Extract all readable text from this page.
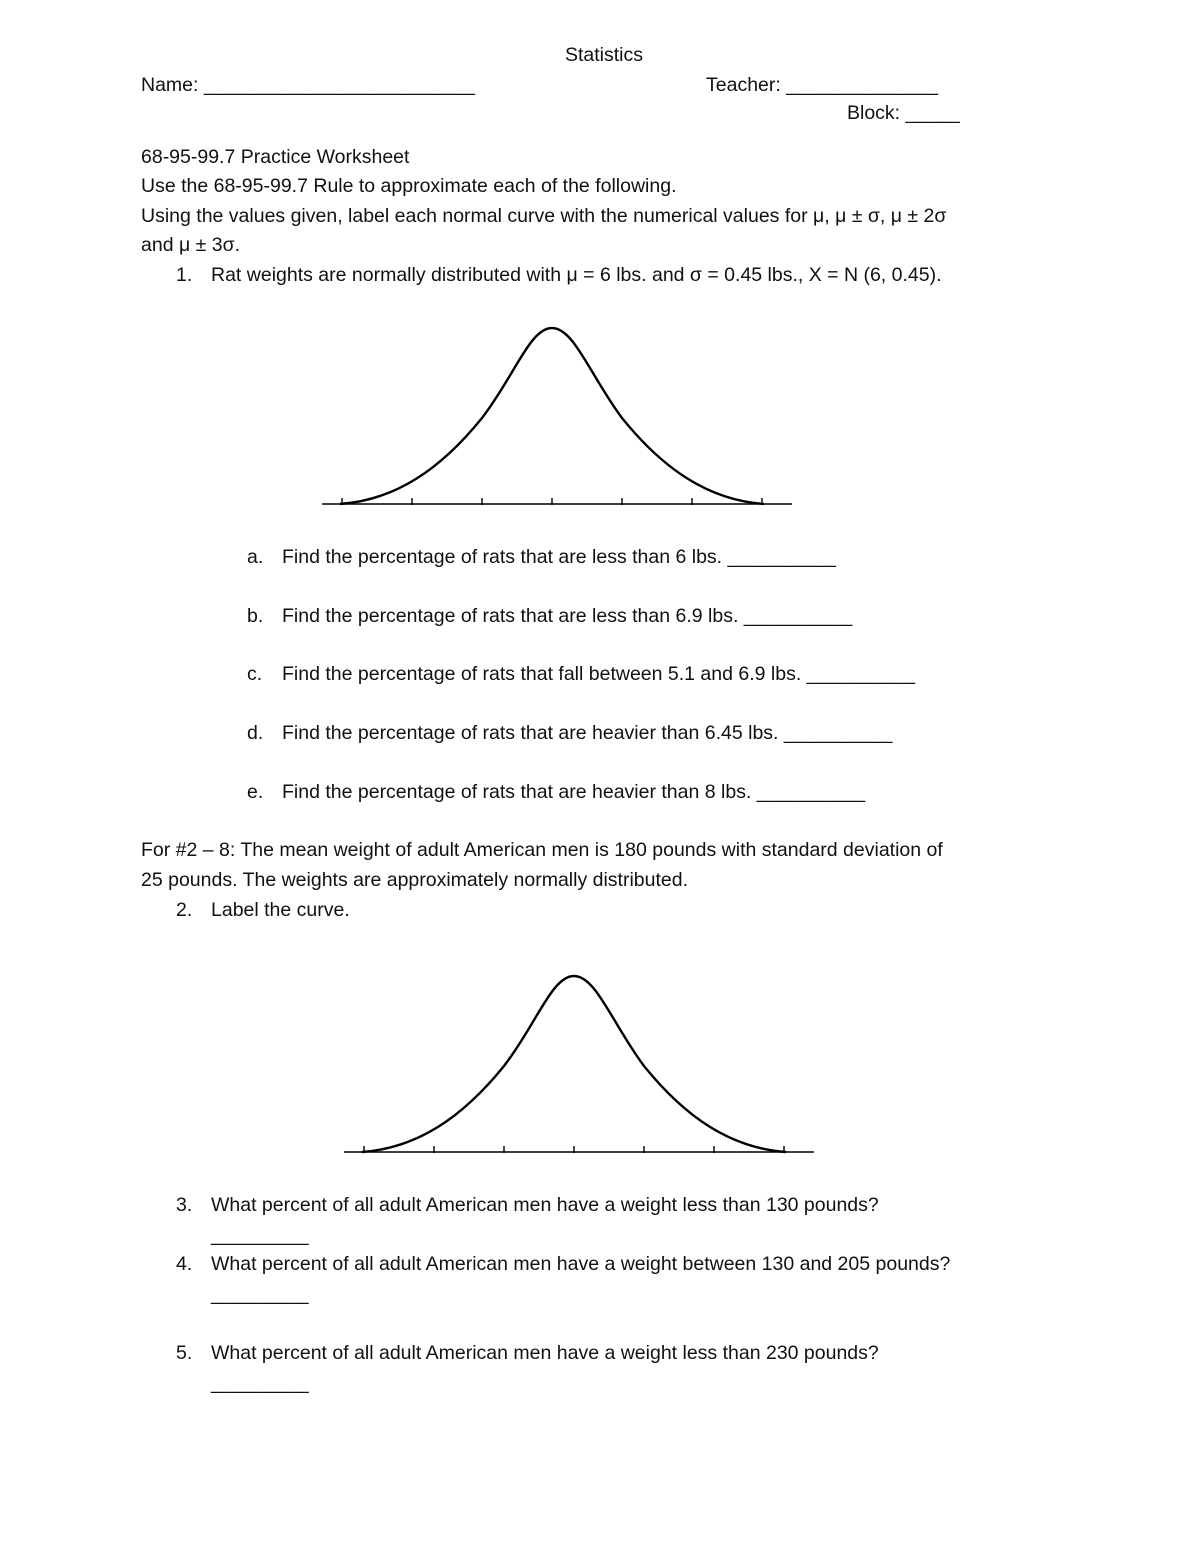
Statistics
Name: _________________________	Teacher: ______________
Block: _____
68-95-99.7 Practice Worksheet
Use the 68-95-99.7 Rule to approximate each of the following.
Using the values given, label each normal curve with the numerical values for μ, μ ± σ, μ ± 2σ
and μ ± 3σ.
1. Rat weights are normally distributed with μ = 6 lbs. and σ = 0.45 lbs., X = N (6, 0.45).
a. Find the percentage of rats that are less than 6 lbs. __________
b. Find the percentage of rats that are less than 6.9 lbs. __________
c. Find the percentage of rats that fall between 5.1 and 6.9 lbs. __________
d. Find the percentage of rats that are heavier than 6.45 lbs. __________
e. Find the percentage of rats that are heavier than 8 lbs. __________
For #2 – 8: The mean weight of adult American men is 180 pounds with standard deviation of
25 pounds. The weights are approximately normally distributed.
2. Label the curve.
3. What percent of all adult American men have a weight less than 130 pounds?
_________
4. What percent of all adult American men have a weight between 130 and 205 pounds?
_________
5. What percent of all adult American men have a weight less than 230 pounds?
_________
